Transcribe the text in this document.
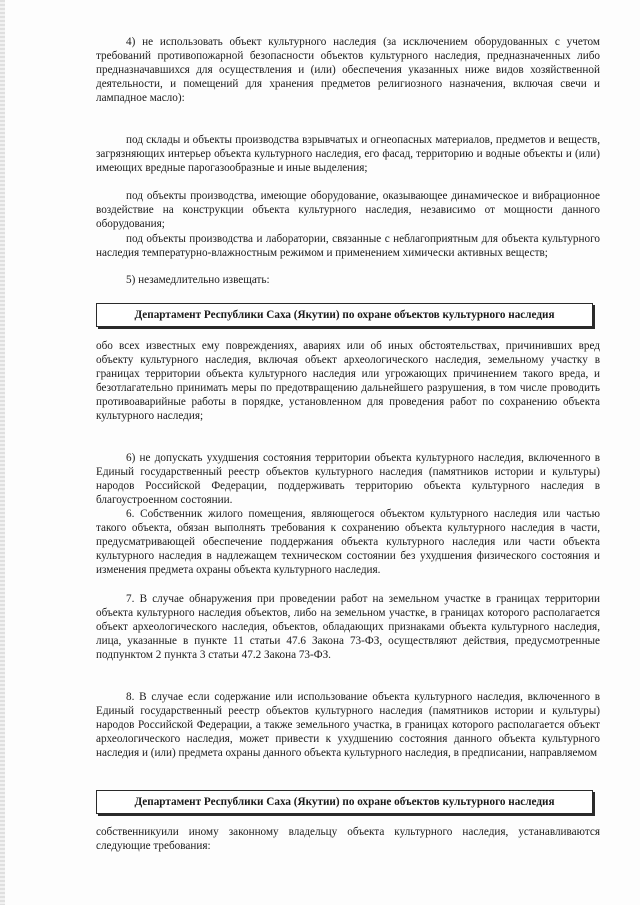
4) не использовать объект культурного наследия (за исключением оборудованных с учетом требований противопожарной безопасности объектов культурного наследия, предназначенных либо предназначавшихся для осуществления и (или) обеспечения указанных ниже видов хозяйственной деятельности, и помещений для хранения предметов религиозного назначения, включая свечи и лампадное масло):

под склады и объекты производства взрывчатых и огнеопасных материалов, предметов и веществ, загрязняющих интерьер объекта культурного наследия, его фасад, территорию и водные объекты и (или) имеющих вредные парогазообразные и иные выделения;

под объекты производства, имеющие оборудование, оказывающее динамическое и вибрационное воздействие на конструкции объекта культурного наследия, независимо от мощности данного оборудования;

под объекты производства и лаборатории, связанные с неблагоприятным для объекта культурного наследия температурно-влажностным режимом и применением химически активных веществ;

5) незамедлительно извещать:

Департамент Республики Саха (Якутии) по охране объектов культурного наследия

обо всех известных ему повреждениях, авариях или об иных обстоятельствах, причинивших вред объекту культурного наследия, включая объект археологического наследия, земельному участку в границах территории объекта культурного наследия или угрожающих причинением такого вреда, и безотлагательно принимать меры по предотвращению дальнейшего разрушения, в том числе проводить противоаварийные работы в порядке, установленном для проведения работ по сохранению объекта культурного наследия;

6) не допускать ухудшения состояния территории объекта культурного наследия, включенного в Единый государственный реестр объектов культурного наследия (памятников истории и культуры) народов Российской Федерации, поддерживать территорию объекта культурного наследия в благоустроенном состоянии.

6. Собственник жилого помещения, являющегося объектом культурного наследия или частью такого объекта, обязан выполнять требования к сохранению объекта культурного наследия в части, предусматривающей обеспечение поддержания объекта культурного наследия или части объекта культурного наследия в надлежащем техническом состоянии без ухудшения физического состояния и изменения предмета охраны объекта культурного наследия.

7. В случае обнаружения при проведении работ на земельном участке в границах территории объекта культурного наследия объектов, либо на земельном участке, в границах которого располагается объект археологического наследия, объектов, обладающих признаками объекта культурного наследия, лица, указанные в пункте 11 статьи 47.6 Закона 73-ФЗ, осуществляют действия, предусмотренные подпунктом 2 пункта 3 статьи 47.2 Закона 73-ФЗ.

8. В случае если содержание или использование объекта культурного наследия, включенного в Единый государственный реестр объектов культурного наследия (памятников истории и культуры) народов Российской Федерации, а также земельного участка, в границах которого располагается объект археологического наследия, может привести к ухудшению состояния данного объекта культурного наследия и (или) предмета охраны данного объекта культурного наследия, в предписании, направляемом

Департамент Республики Саха (Якутии) по охране объектов культурного наследия

собственникуили иному законному владельцу объекта культурного наследия, устанавливаются следующие требования:
